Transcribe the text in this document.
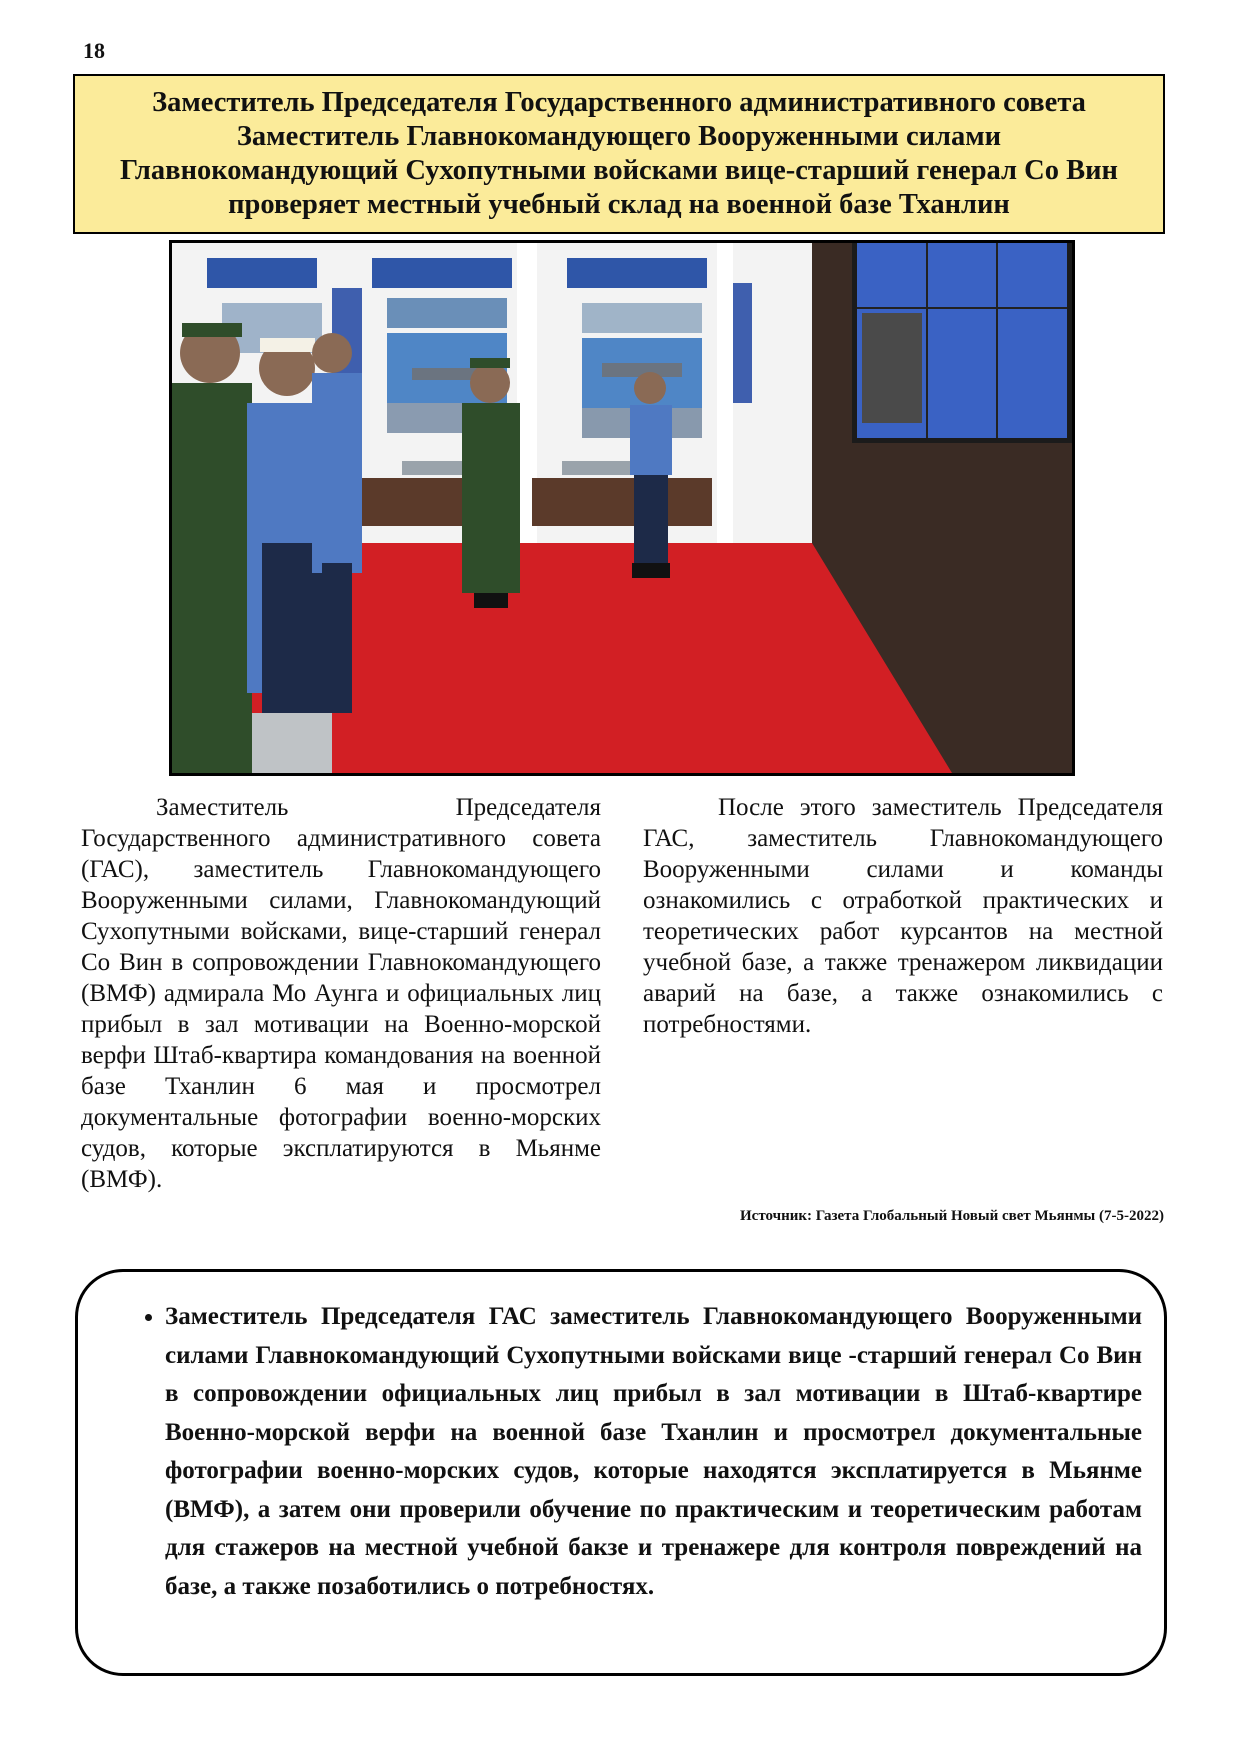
18
Заместитель Председателя Государственного административного совета Заместитель Главнокомандующего Вооруженными силами Главнокомандующий Сухопутными войсками вице-старший генерал Со Вин проверяет местный учебный склад на военной базе Тханлин

Заместитель Председателя Государственного административного совета (ГАС), заместитель Главнокомандующего Вооруженными силами, Главнокомандующий Сухопутными войсками, вице-старший генерал Со Вин в сопровождении Главнокомандующего (ВМФ) адмирала Мо Аунга и официальных лиц прибыл в зал мотивации на Военно-морской верфи Штаб-квартира командования на военной базе Тханлин 6 мая и просмотрел документальные фотографии военно-морских судов, которые эксплатируются в Мьянме (ВМФ).

После этого заместитель Председателя ГАС, заместитель Главнокомандующего Вооруженными силами и команды ознакомились с отработкой практических и теоретических работ курсантов на местной учебной базе, а также тренажером ликвидации аварий на базе, а также ознакомились с потребностями.

Источник: Газета Глобальный Новый свет Мьянмы (7-5-2022)
• Заместитель Председателя ГАС заместитель Главнокомандующего Вооруженными силами Главнокомандующий Сухопутными войсками вице -старший генерал Со Вин в сопровождении официальных лиц прибыл в зал мотивации в Штаб-квартире Военно-морской верфи на военной базе Тханлин и просмотрел документальные фотографии военно-морских судов, которые находятся эксплатируется в Мьянме (ВМФ), а затем они проверили обучение по практическим и теоретическим работам для стажеров на местной учебной бакзе и тренажере для контроля повреждений на базе, а также позаботились о потребностях.
